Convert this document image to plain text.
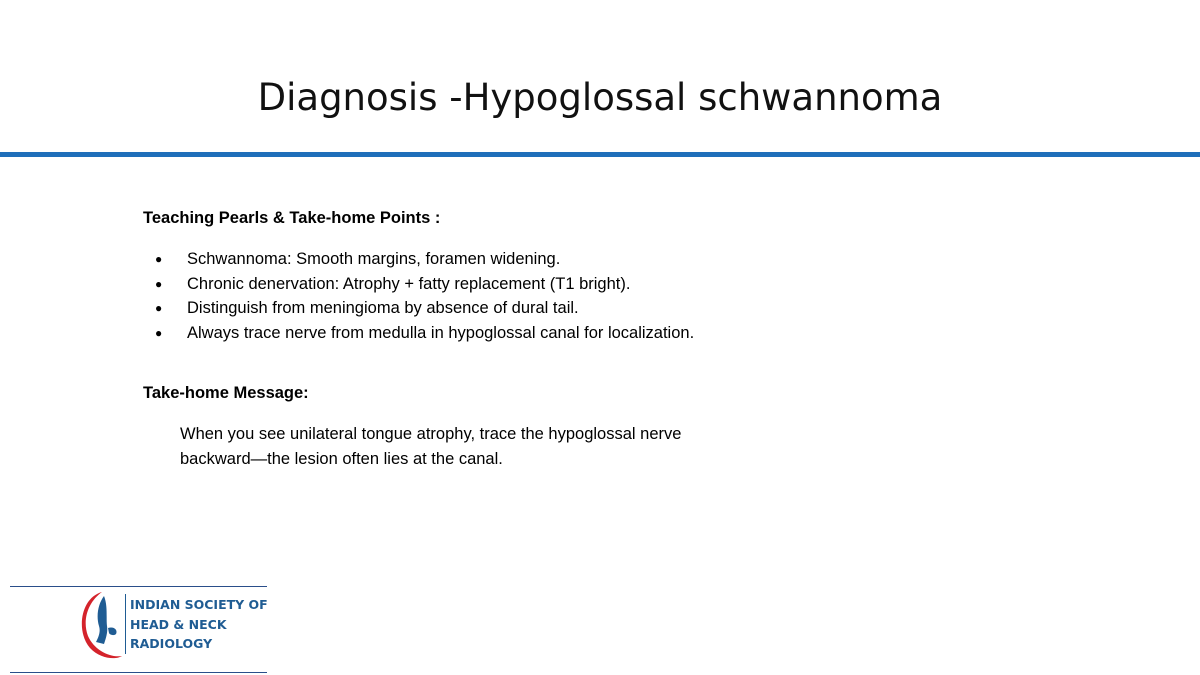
Diagnosis -Hypoglossal schwannoma
Teaching Pearls & Take-home Points :
● Schwannoma: Smooth margins, foramen widening.
● Chronic denervation: Atrophy + fatty replacement (T1 bright).
● Distinguish from meningioma by absence of dural tail.
● Always trace nerve from medulla in hypoglossal canal for localization.
Take-home Message:
When you see unilateral tongue atrophy, trace the hypoglossal nerve backward—the lesion often lies at the canal.
INDIAN SOCIETY OF
HEAD & NECK
RADIOLOGY
